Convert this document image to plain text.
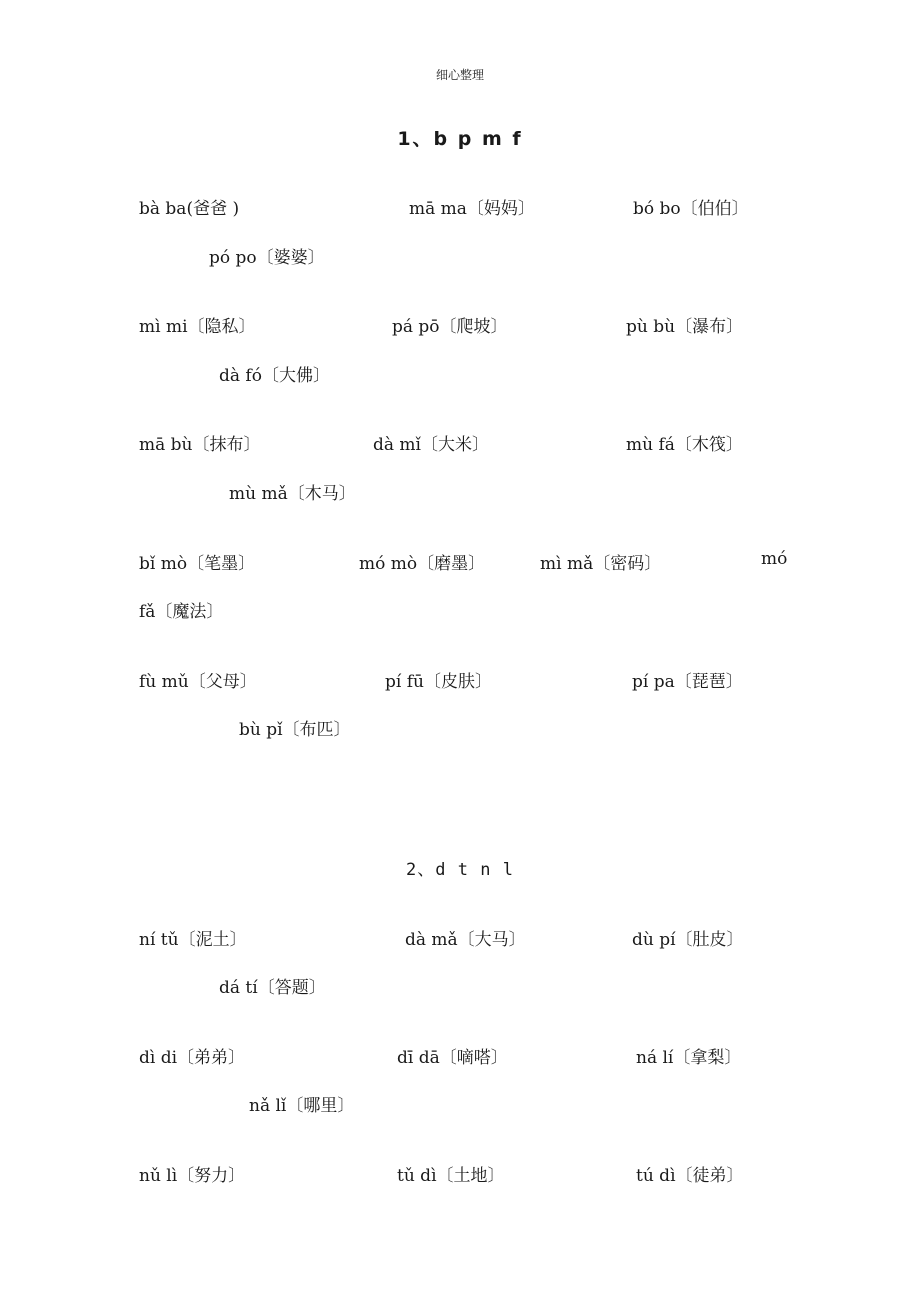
细心整理
1、b p m f
bà ba(爸爸 )	mā ma〔妈妈〕	bó bo〔伯伯〕
pó po〔婆婆〕
mì mi〔隐私〕	pá pō〔爬坡〕	pù bù〔瀑布〕
dà fó〔大佛〕
mā bù〔抹布〕	dà mǐ〔大米〕	mù fá〔木筏〕
mù mǎ〔木马〕
bǐ mò〔笔墨〕	mó mò〔磨墨〕	mì mǎ〔密码〕	mó
fǎ〔魔法〕
fù mǔ〔父母〕	pí fū〔皮肤〕	pí pa〔琵琶〕
bù pǐ〔布匹〕
2、d t n l
ní tǔ〔泥土〕	dà mǎ〔大马〕	dù pí〔肚皮〕
dá tí〔答题〕
dì di〔弟弟〕	dī dā〔嘀嗒〕	ná lí〔拿梨〕
nǎ lǐ〔哪里〕
nǔ lì〔努力〕	tǔ dì〔土地〕	tú dì〔徒弟〕
